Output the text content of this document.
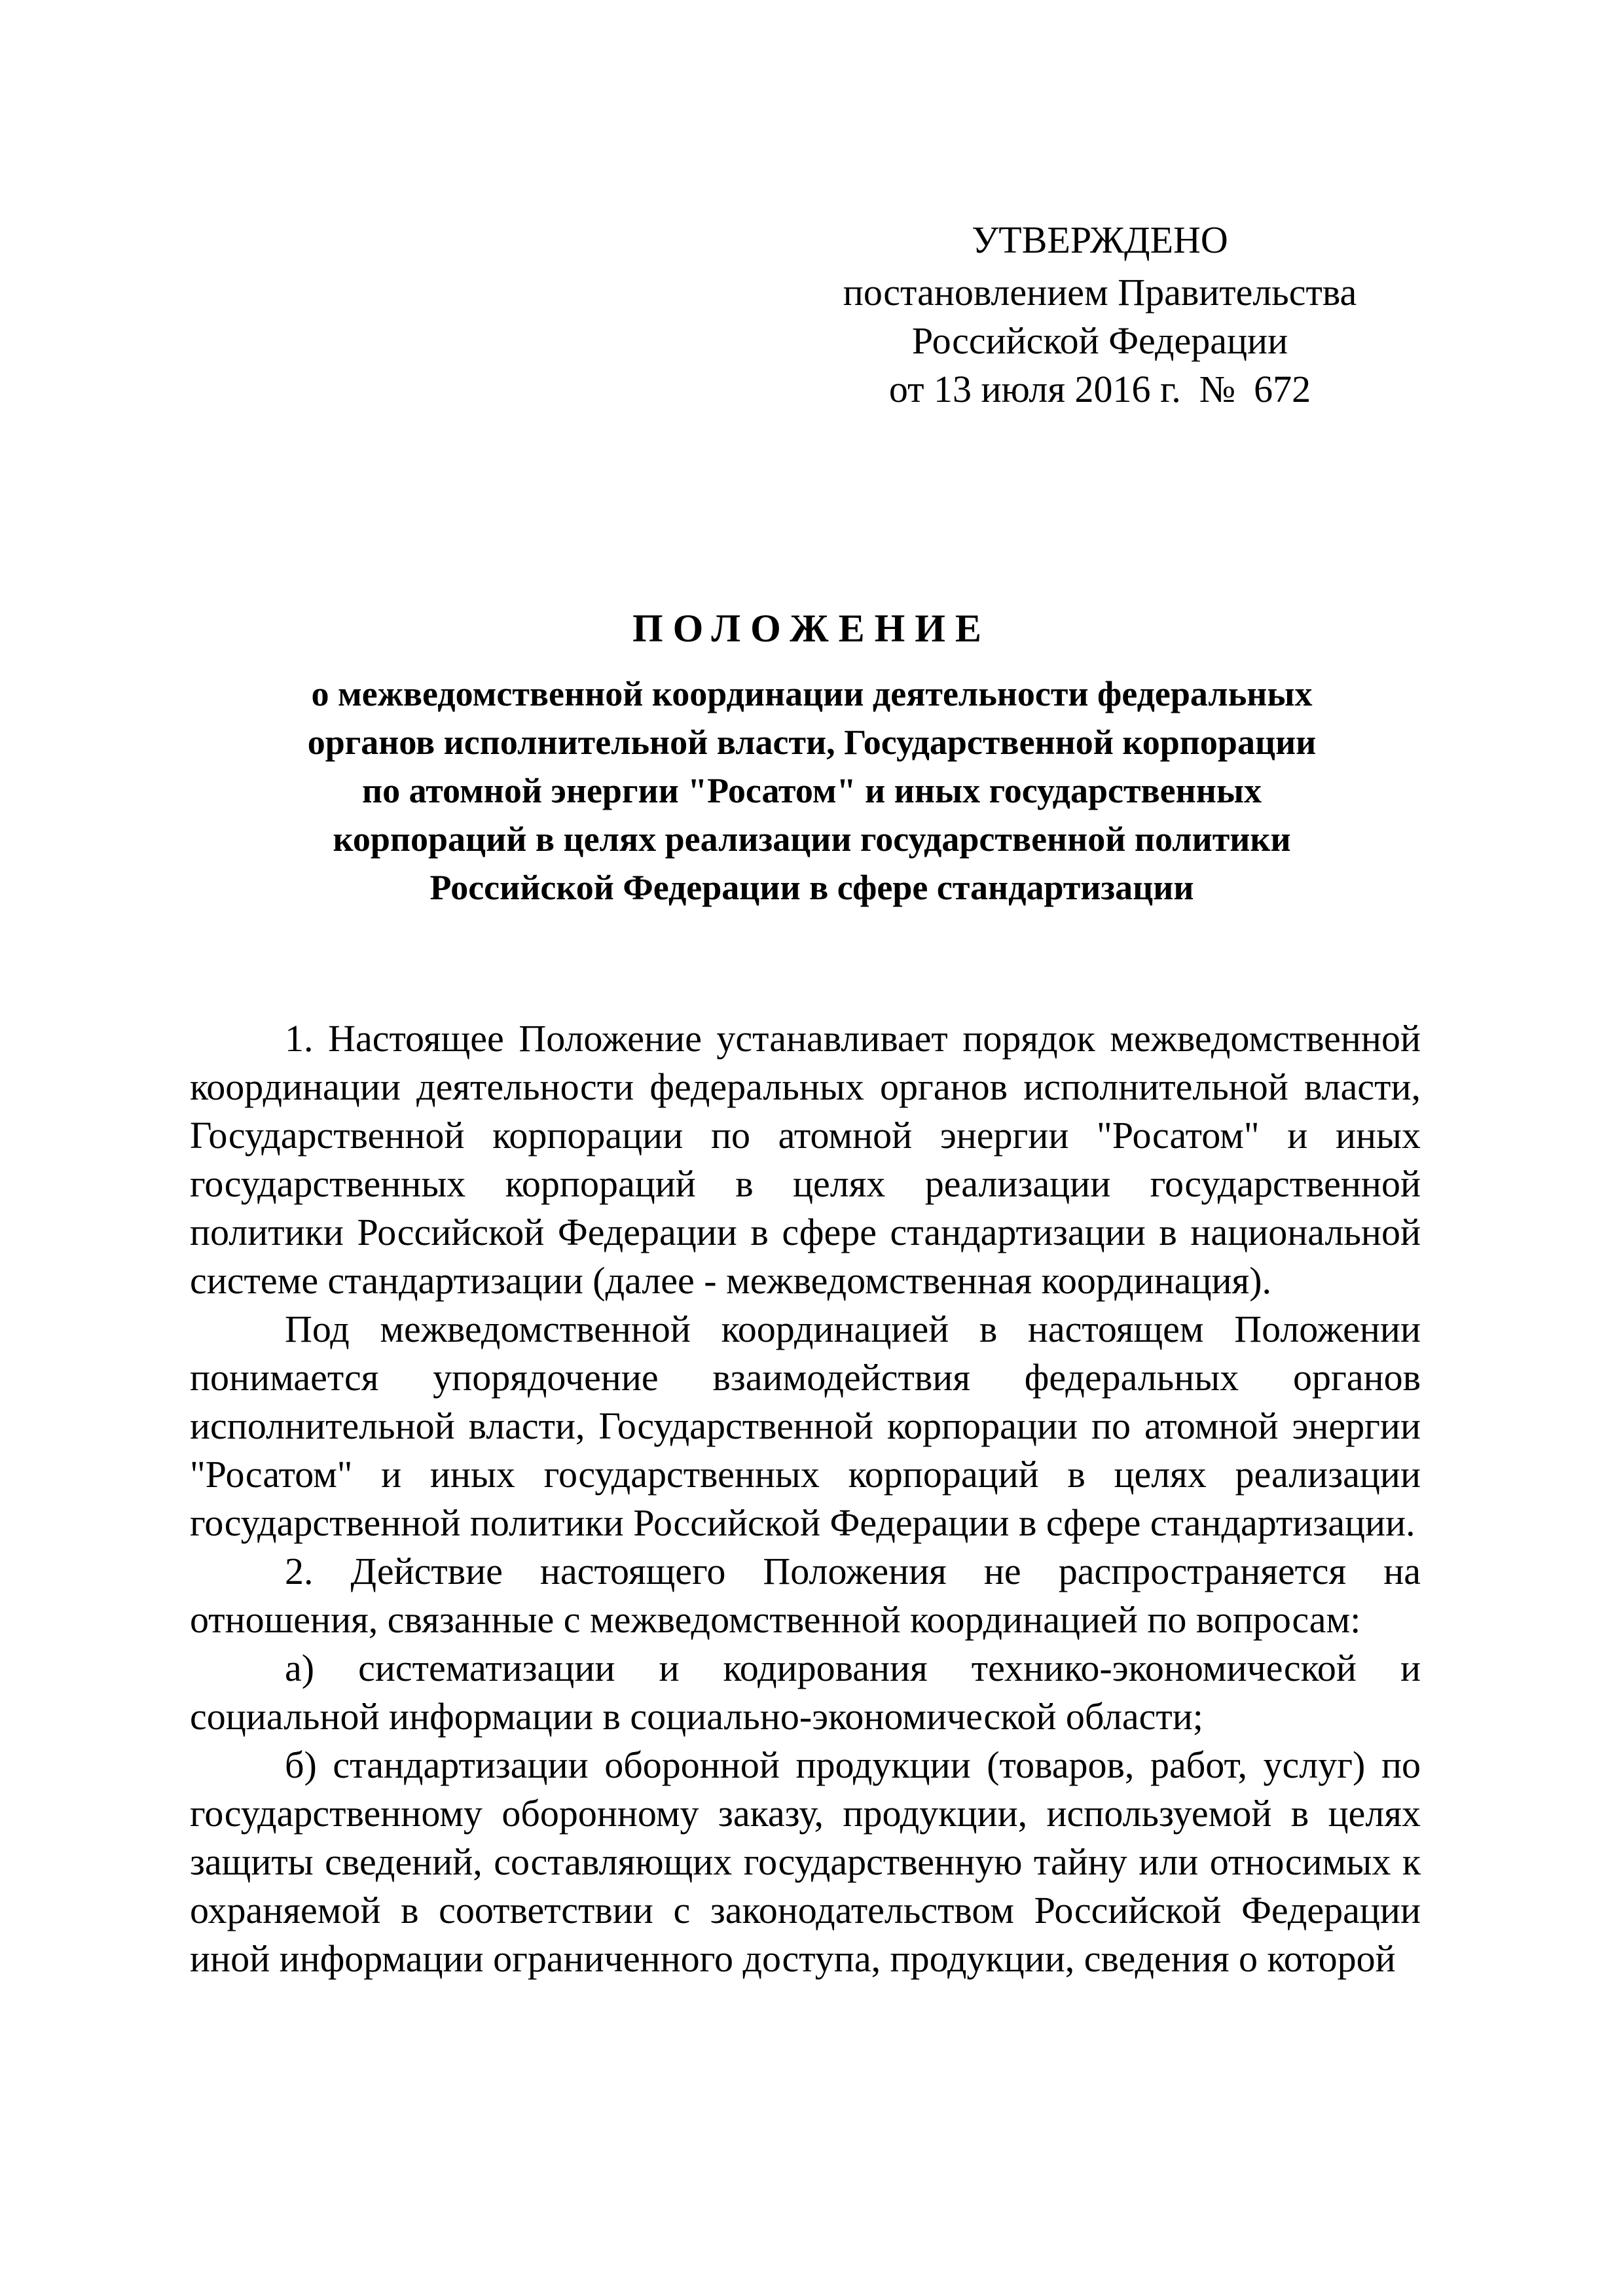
УТВЕРЖДЕНО
постановлением Правительства
Российской Федерации
от 13 июля 2016 г. № 672
ПОЛОЖЕНИЕ
о межведомственной координации деятельности федеральных
органов исполнительной власти, Государственной корпорации
по атомной энергии "Росатом" и иных государственных
корпораций в целях реализации государственной политики
Российской Федерации в сфере стандартизации

1. Настоящее Положение устанавливает порядок межведомственной координации деятельности федеральных органов исполнительной власти, Государственной корпорации по атомной энергии "Росатом" и иных государственных корпораций в целях реализации государственной политики Российской Федерации в сфере стандартизации в национальной системе стандартизации (далее - межведомственная координация).

Под межведомственной координацией в настоящем Положении понимается упорядочение взаимодействия федеральных органов исполнительной власти, Государственной корпорации по атомной энергии "Росатом" и иных государственных корпораций в целях реализации государственной политики Российской Федерации в сфере стандартизации.

2. Действие настоящего Положения не распространяется на отношения, связанные с межведомственной координацией по вопросам:

а) систематизации и кодирования технико-экономической и социальной информации в социально-экономической области;

б) стандартизации оборонной продукции (товаров, работ, услуг) по государственному оборонному заказу, продукции, используемой в целях защиты сведений, составляющих государственную тайну или относимых к охраняемой в соответствии с законодательством Российской Федерации иной информации ограниченного доступа, продукции, сведения о которой
